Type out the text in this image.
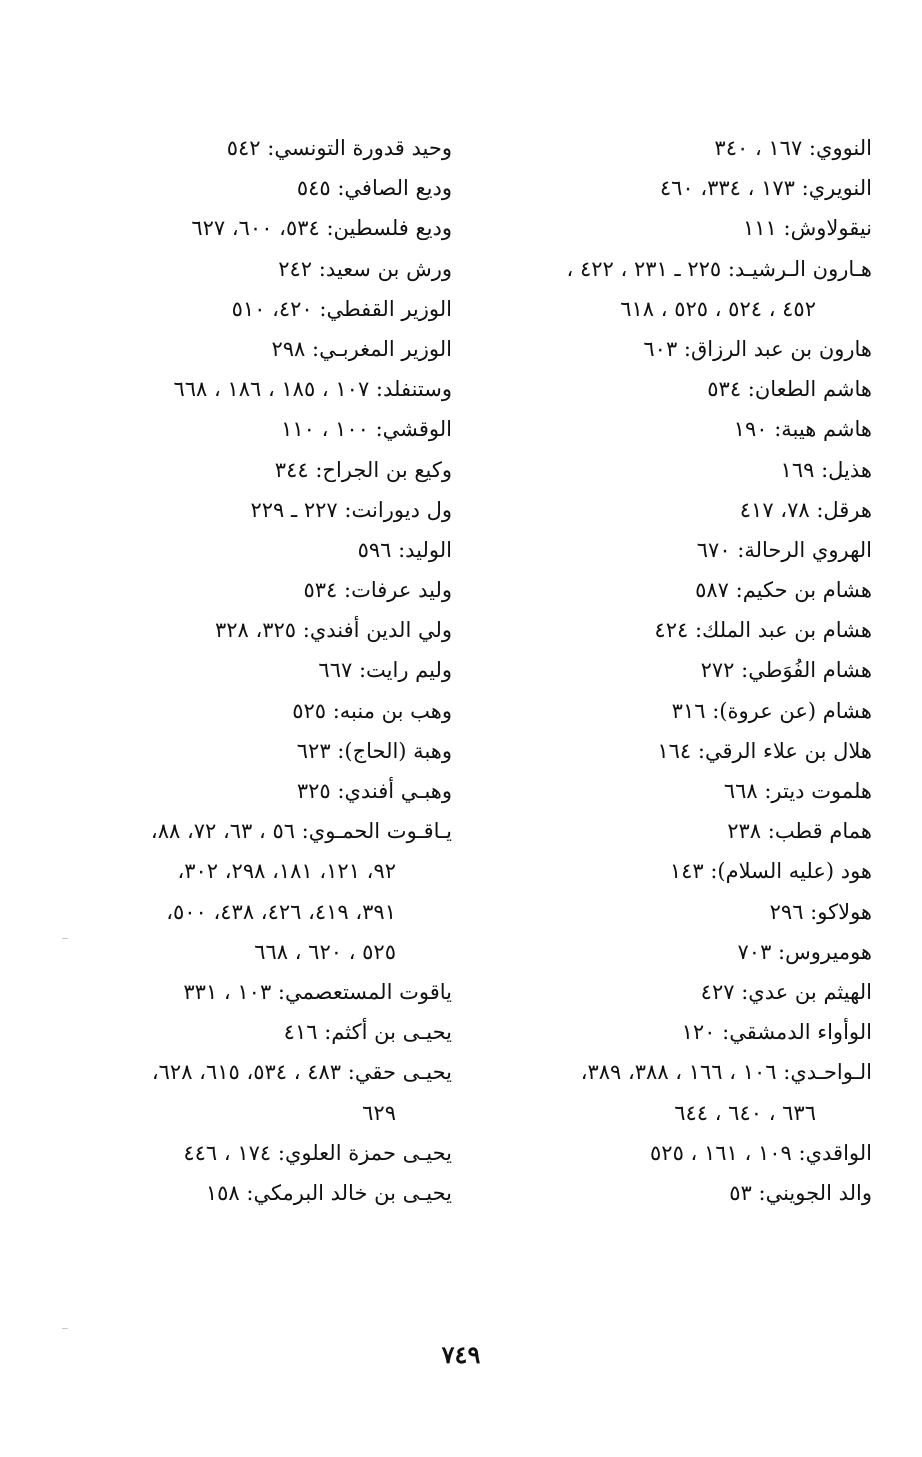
النووي: ١٦٧ ، ٣٤٠
النويري: ١٧٣ ، ٣٣٤، ٤٦٠
نيقولاوش: ١١١
هـارون الـرشيـد: ٢٢٥ ـ ٢٣١ ، ٤٢٢ ،
٤٥٢ ، ٥٢٤ ، ٥٢٥ ، ٦١٨
هارون بن عبد الرزاق: ٦٠٣
هاشم الطعان: ٥٣٤
هاشم هيبة: ١٩٠
هذيل: ١٦٩
هرقل: ٧٨، ٤١٧
الهروي الرحالة: ٦٧٠
هشام بن حكيم: ٥٨٧
هشام بن عبد الملك: ٤٢٤
هشام الفُوَطي: ٢٧٢
هشام (عن عروة): ٣١٦
هلال بن علاء الرقي: ١٦٤
هلموت ديتر: ٦٦٨
همام قطب: ٢٣٨
هود (عليه السلام): ١٤٣
هولاكو: ٢٩٦
هوميروس: ٧٠٣
الهيثم بن عدي: ٤٢٧
الوأواء الدمشقي: ١٢٠
الـواحـدي: ١٠٦ ، ١٦٦ ، ٣٨٨، ٣٨٩،
٦٣٦ ، ٦٤٠ ، ٦٤٤
الواقدي: ١٠٩ ، ١٦١ ، ٥٢٥
والد الجويني: ٥٣
وحيد قدورة التونسي: ٥٤٢
وديع الصافي: ٥٤٥
وديع فلسطين: ٥٣٤، ٦٠٠، ٦٢٧
ورش بن سعيد: ٢٤٢
الوزير القفطي: ٤٢٠، ٥١٠
الوزير المغربـي: ٢٩٨
وستنفلد: ١٠٧ ، ١٨٥ ، ١٨٦ ، ٦٦٨
الوقشي: ١٠٠ ، ١١٠
وكيع بن الجراح: ٣٤٤
ول ديورانت: ٢٢٧ ـ ٢٢٩
الوليد: ٥٩٦
وليد عرفات: ٥٣٤
ولي الدين أفندي: ٣٢٥، ٣٢٨
وليم رايت: ٦٦٧
وهب بن منبه: ٥٢٥
وهبة (الحاج): ٦٢٣
وهبـي أفندي: ٣٢٥
يـاقـوت الحمـوي: ٥٦ ، ٦٣، ٧٢، ٨٨،
٩٢، ١٢١، ١٨١، ٢٩٨، ٣٠٢،
٣٩١، ٤١٩، ٤٢٦، ٤٣٨، ٥٠٠،
٥٢٥ ، ٦٢٠ ، ٦٦٨
ياقوت المستعصمي: ١٠٣ ، ٣٣١
يحيـى بن أكثم: ٤١٦
يحيـى حقي: ٤٨٣ ، ٥٣٤، ٦١٥، ٦٢٨،
٦٢٩
يحيـى حمزة العلوي: ١٧٤ ، ٤٤٦
يحيـى بن خالد البرمكي: ١٥٨
٧٤٩
